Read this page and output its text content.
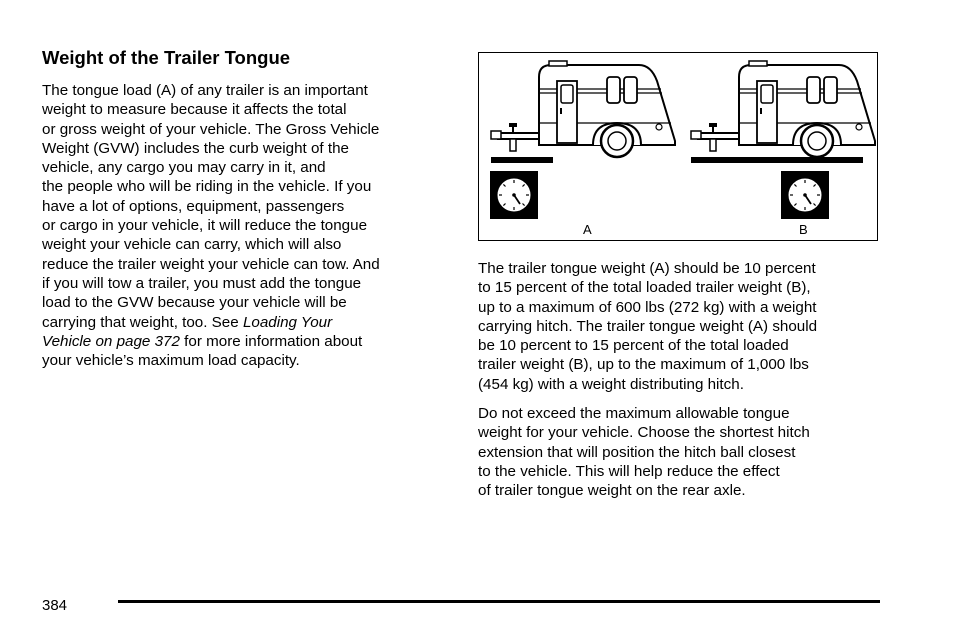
Weight of the Trailer Tongue

The tongue load (A) of any trailer is an important
weight to measure because it affects the total
or gross weight of your vehicle. The Gross Vehicle
Weight (GVW) includes the curb weight of the
vehicle, any cargo you may carry in it, and
the people who will be riding in the vehicle. If you
have a lot of options, equipment, passengers
or cargo in your vehicle, it will reduce the tongue
weight your vehicle can carry, which will also
reduce the trailer weight your vehicle can tow. And
if you will tow a trailer, you must add the tongue
load to the GVW because your vehicle will be
carrying that weight, too. See Loading Your
Vehicle on page 372 for more information about
your vehicle’s maximum load capacity.

A	B

The trailer tongue weight (A) should be 10 percent
to 15 percent of the total loaded trailer weight (B),
up to a maximum of 600 lbs (272 kg) with a weight
carrying hitch. The trailer tongue weight (A) should
be 10 percent to 15 percent of the total loaded
trailer weight (B), up to the maximum of 1,000 lbs
(454 kg) with a weight distributing hitch.

Do not exceed the maximum allowable tongue
weight for your vehicle. Choose the shortest hitch
extension that will position the hitch ball closest
to the vehicle. This will help reduce the effect
of trailer tongue weight on the rear axle.

384
